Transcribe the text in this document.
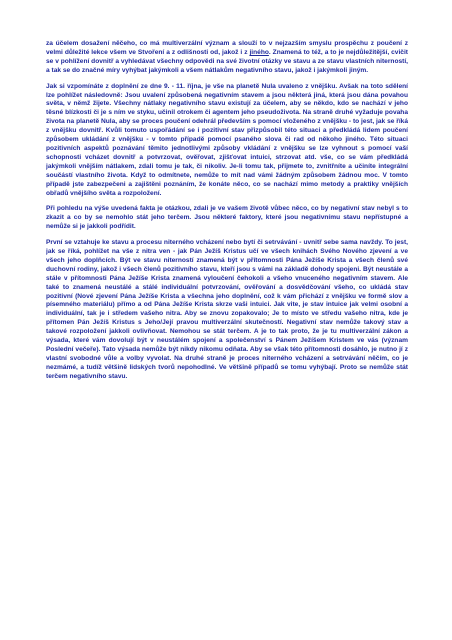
za účelem dosažení něčeho, co má multiverzální význam a slouží to v nejzazším smyslu prospěchu z poučení z velmi důležité lekce všem ve Stvoření a z odlišnosti od, jakož i z jiného. Znamená to též, a to je nejdůležitější, cvičit se v pohlížení dovnitř a vyhledávat všechny odpovědi na své životní otázky ve stavu a ze stavu vlastních niterností, a tak se do značné míry vyhýbat jakýmkoli a všem nátlakům negativního stavu, jakož i jakýmkoli jiným.

Jak si vzpomínáte z doplnění ze dne 9. - 11. října, je vše na planetě Nula uvaleno z vnějšku. Avšak na toto sdělení lze pohlížet následovně: Jsou uvalení způsobená negativním stavem a jsou některá jiná, která jsou dána povahou světa, v němž žijete. Všechny nátlaky negativního stavu existují za účelem, aby se někdo, kdo se nachází v jeho těsné blízkosti či je s ním ve styku, učinil otrokem či agentem jeho pseudoživota. Na straně druhé vyžaduje povaha života na planetě Nula, aby se proces poučení odehrál především s pomocí vloženého z vnějšku - to jest, jak se říká z vnějšku dovnitř. Kvůli tomuto uspořádání se i pozitivní stav přizpůsobil této situaci a předkládá lidem poučení způsobem ukládání z vnějšku - v tomto případě pomocí psaného slova či rad od někoho jiného. Této situaci pozitivních aspektů poznávání těmito jednotlivými způsoby vkládání z vnějšku se lze vyhnout s pomocí vaší schopnosti vcházet dovnitř a potvrzovat, ověřovat, zjišťovat intuici, strzovat atd. vše, co se vám předkládá jakýmkoli vnějším nátlakem, zdali tomu je tak, či nikoliv. Je-li tomu tak, přijmete to, zvnitřníte a učiníte integrální součástí vlastního života. Když to odmítnete, nemůže to mít nad vámi žádným způsobem žádnou moc. V tomto případě jste zabezpečeni a zajištěni poznáním, že konáte něco, co se nachází mimo metody a praktiky vnějších obřadů vnějšího světa a rozpoložení.

Při pohledu na výše uvedená fakta je otázkou, zdali je ve vašem životě vůbec něco, co by negativní stav nebyl s to zkazit a co by se nemohlo stát jeho terčem. Jsou některé faktory, které jsou negativnímu stavu nepřístupné a nemůže si je jakkoli podřídit.

První se vztahuje ke stavu a procesu niterného vcházení nebo bytí či setrvávání - uvnitř sebe sama navždy. To jest, jak se říká, pohlížet na vše z nitra ven - jak Pán Ježíš Kristus učí ve všech knihách Svého Nového zjevení a ve všech jeho doplňcích. Být ve stavu niterností znamená být v přítomnosti Pána Ježíše Krista a všech členů své duchovní rodiny, jakož i všech členů pozitivního stavu, kteří jsou s vámi na základě dohody spojeni. Být neustále a stále v přítomnosti Pána Ježíše Krista znamená vyloučení čehokoli a všeho vnuceného negativním stavem. Ale také to znamená neustálé a stálé individuální potvrzování, ověřování a dosvědčování všeho, co ukládá stav pozitivní (Nové zjevení Pána Ježíše Krista a všechna jeho doplnění, což k vám přichází z vnějšku ve formě slov a písemného materiálu) přímo a od Pána Ježíše Krista skrze vaši intuici. Jak vite, je stav intuice jak velmi osobní a individuální, tak je i středem vašeho nitra. Aby se znovu zopakovalo; Je to místo ve středu vašeho nitra, kde je přítomen Pán Ježíš Kristus s Jeho/Její pravou multiverzální skutečností. Negativní stav nemůže takový stav a takové rozpoložení jakkoli ovlivňovat. Nemohou se stát terčem. A je to tak proto, že je tu multiverzální zákon a výsada, které vám dovolují být v neustálém spojení a společenství s Pánem Ježíšem Kristem ve vás (význam Poslední večeře). Tato výsada nemůže být nikdy nikomu odňata. Aby se však této přítomnosti dosáhlo, je nutno jí z vlastní svobodné vůle a volby vyvolat. Na druhé straně je proces niterného vcházení a setrvávání něčím, co je nezmámé, a tudíž většině lidských tvorů nepohodlné. Ve většině případů se tomu vyhýbají. Proto se nemůže stát terčem negativního stavu.
